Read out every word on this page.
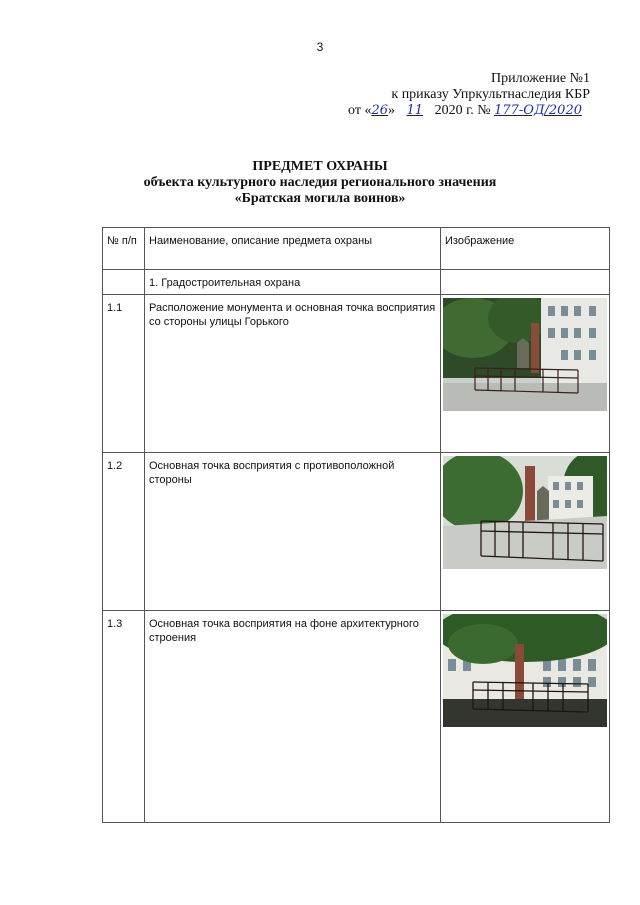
3
Приложение №1
к приказу Упркультнаследия КБР
от «26» 11 2020 г. № 177-ОД/2020
ПРЕДМЕТ ОХРАНЫ
объекта культурного наследия регионального значения
«Братская могила воинов»
№ п/п	Наименование, описание предмета охраны	Изображение
	1. Градостроительная охрана	
1.1	Расположение монумента и основная точка восприятия со стороны улицы Горького	

1.2	Основная точка восприятия с противоположной стороны	

1.3	Основная точка восприятия на фоне архитектурного строения	
